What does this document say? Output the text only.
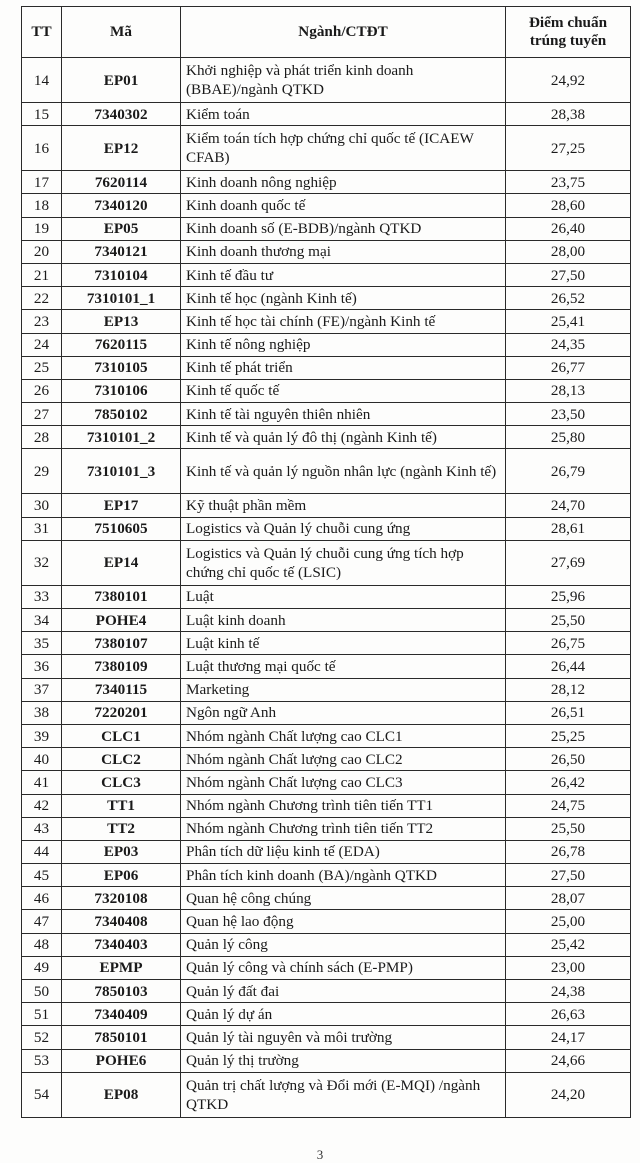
TT	Mã	Ngành/CTĐT	Điểm chuẩn trúng tuyển
14	EP01	Khởi nghiệp và phát triển kinh doanh (BBAE)/ngành QTKD	24,92
15	7340302	Kiểm toán	28,38
16	EP12	Kiểm toán tích hợp chứng chỉ quốc tế (ICAEW CFAB)	27,25
17	7620114	Kinh doanh nông nghiệp	23,75
18	7340120	Kinh doanh quốc tế	28,60
19	EP05	Kinh doanh số (E-BDB)/ngành QTKD	26,40
20	7340121	Kinh doanh thương mại	28,00
21	7310104	Kinh tế đầu tư	27,50
22	7310101_1	Kinh tế học (ngành Kinh tế)	26,52
23	EP13	Kinh tế học tài chính (FE)/ngành Kinh tế	25,41
24	7620115	Kinh tế nông nghiệp	24,35
25	7310105	Kinh tế phát triển	26,77
26	7310106	Kinh tế quốc tế	28,13
27	7850102	Kinh tế tài nguyên thiên nhiên	23,50
28	7310101_2	Kinh tế và quản lý đô thị (ngành Kinh tế)	25,80
29	7310101_3	Kinh tế và quản lý nguồn nhân lực (ngành Kinh tế)	26,79
30	EP17	Kỹ thuật phần mềm	24,70
31	7510605	Logistics và Quản lý chuỗi cung ứng	28,61
32	EP14	Logistics và Quản lý chuỗi cung ứng tích hợp chứng chỉ quốc tế (LSIC)	27,69
33	7380101	Luật	25,96
34	POHE4	Luật kinh doanh	25,50
35	7380107	Luật kinh tế	26,75
36	7380109	Luật thương mại quốc tế	26,44
37	7340115	Marketing	28,12
38	7220201	Ngôn ngữ Anh	26,51
39	CLC1	Nhóm ngành Chất lượng cao CLC1	25,25
40	CLC2	Nhóm ngành Chất lượng cao CLC2	26,50
41	CLC3	Nhóm ngành Chất lượng cao CLC3	26,42
42	TT1	Nhóm ngành Chương trình tiên tiến TT1	24,75
43	TT2	Nhóm ngành Chương trình tiên tiến TT2	25,50
44	EP03	Phân tích dữ liệu kinh tế (EDA)	26,78
45	EP06	Phân tích kinh doanh (BA)/ngành QTKD	27,50
46	7320108	Quan hệ công chúng	28,07
47	7340408	Quan hệ lao động	25,00
48	7340403	Quản lý công	25,42
49	EPMP	Quản lý công và chính sách (E-PMP)	23,00
50	7850103	Quản lý đất đai	24,38
51	7340409	Quản lý dự án	26,63
52	7850101	Quản lý tài nguyên và môi trường	24,17
53	POHE6	Quản lý thị trường	24,66
54	EP08	Quản trị chất lượng và Đổi mới (E-MQI) /ngành QTKD	24,20
3
